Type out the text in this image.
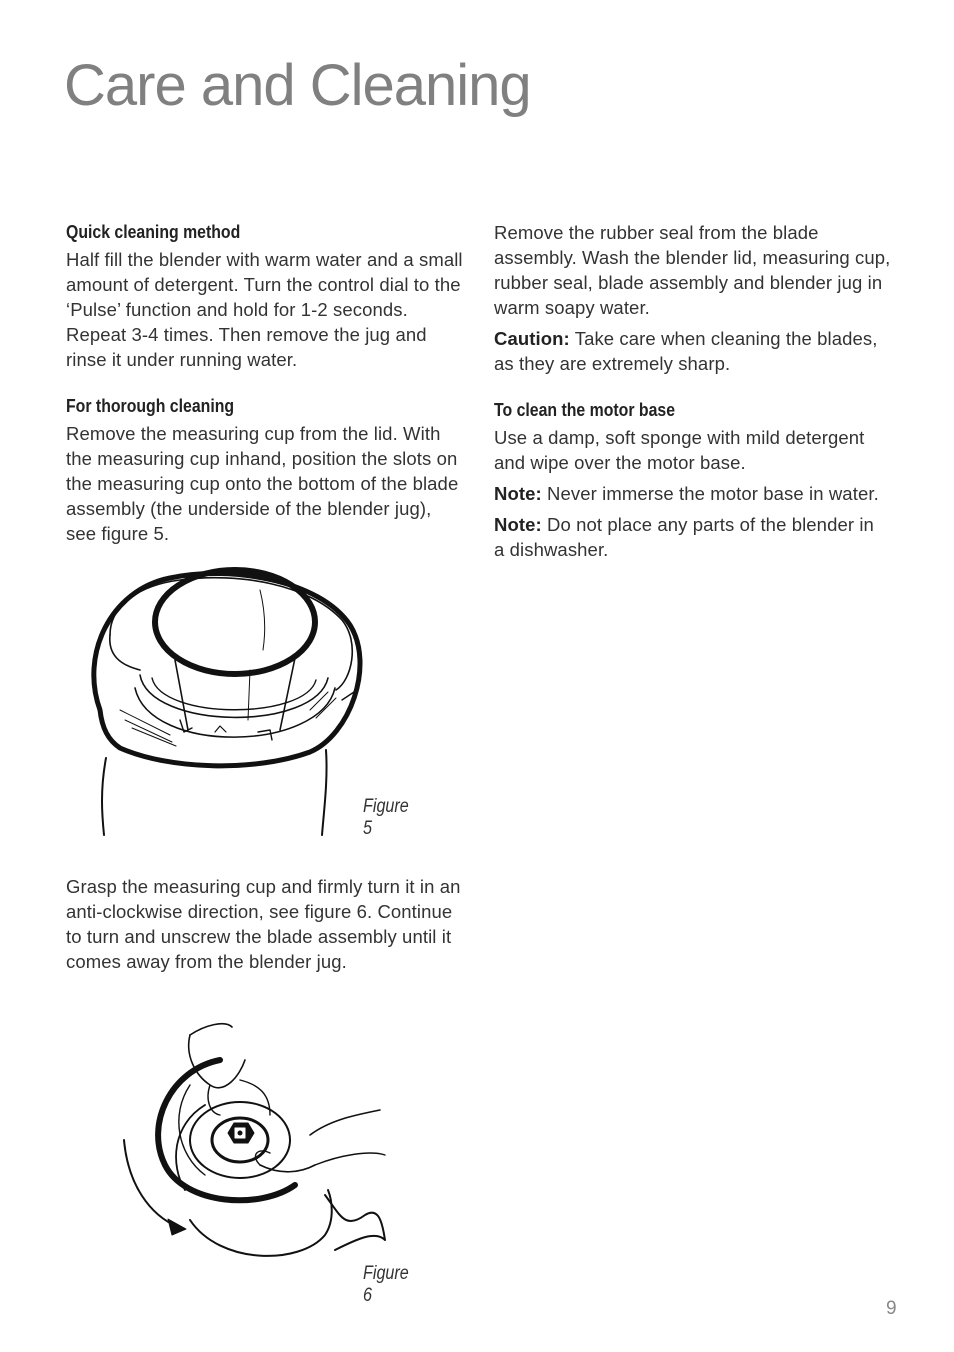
Care and Cleaning

Quick cleaning method

Half fill the blender with warm water and a small amount of detergent. Turn the control dial to the ‘Pulse’ function and hold for 1-2 seconds. Repeat 3-4 times. Then remove the jug and rinse it under running water.

For thorough cleaning

Remove the measuring cup from the lid. With the measuring cup inhand, position the slots on the measuring cup onto the bottom of the blade assembly (the underside of the blender jug), see figure 5.

Figure 5

Grasp the measuring cup and firmly turn it in an anti-clockwise direction, see figure 6. Continue to turn and unscrew the blade assembly until it comes away from the blender jug.

Figure 6

Remove the rubber seal from the blade assembly. Wash the blender lid, measuring cup, rubber seal, blade assembly and blender jug in warm soapy water.

Caution: Take care when cleaning the blades, as they are extremely sharp.

To clean the motor base

Use a damp, soft sponge with mild detergent and wipe over the motor base.

Note: Never immerse the motor base in water.

Note: Do not place any parts of the blender in a dishwasher.

9
